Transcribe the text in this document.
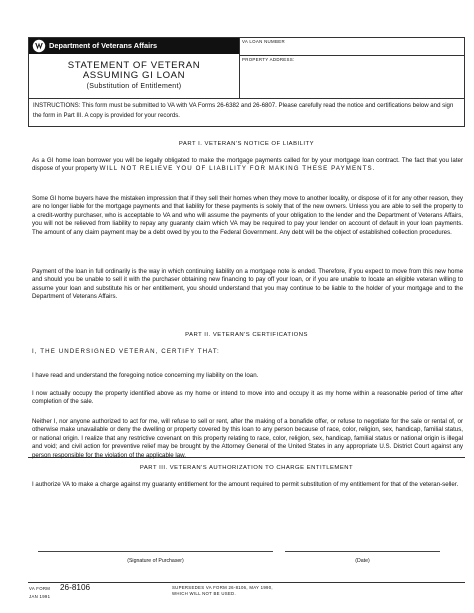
Department of Veterans Affairs
STATEMENT OF VETERAN
ASSUMING GI LOAN
(Substitution of Entitlement)
VA LOAN NUMBER
PROPERTY ADDRESS:
INSTRUCTIONS: This form must be submitted to VA with VA Forms 26-6382 and 26-6807. Please carefully read the notice and certifications below and sign the form in Part III. A copy is provided for your records.
PART I. VETERAN'S NOTICE OF LIABILITY
As a GI home loan borrower you will be legally obligated to make the mortgage payments called for by your mortgage loan contract. The fact that you later dispose of your property WILL NOT RELIEVE YOU OF LIABILITY FOR MAKING THESE PAYMENTS.
Some GI home buyers have the mistaken impression that if they sell their homes when they move to another locality, or dispose of it for any other reason, they are no longer liable for the mortgage payments and that liability for these payments is solely that of the new owners. Unless you are able to sell the property to a credit-worthy purchaser, who is acceptable to VA and who will assume the payments of your obligation to the lender and the Department of Veterans Affairs, you will not be relieved from liability to repay any guaranty claim which VA may be required to pay your lender on account of default in your loan payments. The amount of any claim payment may be a debt owed by you to the Federal Government. Any debt will be the object of established collection procedures.
Payment of the loan in full ordinarily is the way in which continuing liability on a mortgage note is ended. Therefore, if you expect to move from this new home and should you be unable to sell it with the purchaser obtaining new financing to pay off your loan, or if you are unable to locate an eligible veteran willing to assume your loan and substitute his or her entitlement, you should understand that you may continue to be liable to the holder of your mortgage and to the Department of Veterans Affairs.
PART II. VETERAN'S CERTIFICATIONS
I, THE UNDERSIGNED VETERAN, CERTIFY THAT:
I have read and understand the foregoing notice concerning my liability on the loan.
I now actually occupy the property identified above as my home or intend to move into and occupy it as my home within a reasonable period of time after completion of the sale.
Neither I, nor anyone authorized to act for me, will refuse to sell or rent, after the making of a bonafide offer, or refuse to negotiate for the sale or rental of, or otherwise make unavailable or deny the dwelling or property covered by this loan to any person because of race, color, religion, sex, handicap, familial status, or national origin. I realize that any restrictive covenant on this property relating to race, color, religion, sex, handicap, familial status or national origin is illegal and void; and civil action for preventive relief may be brought by the Attorney General of the United States in any appropriate U.S. District Court against any person responsible for the violation of the applicable law.
PART III. VETERAN'S AUTHORIZATION TO CHARGE ENTITLEMENT
I authorize VA to make a charge against my guaranty entitlement for the amount required to permit substitution of my entitlement for that of the veteran-seller.
(Signature of Purchaser)	(Date)
VA FORM
JAN 1991
26-8106	SUPERSEDES VA FORM 26-8106, MAY 1990,
WHICH WILL NOT BE USED.
